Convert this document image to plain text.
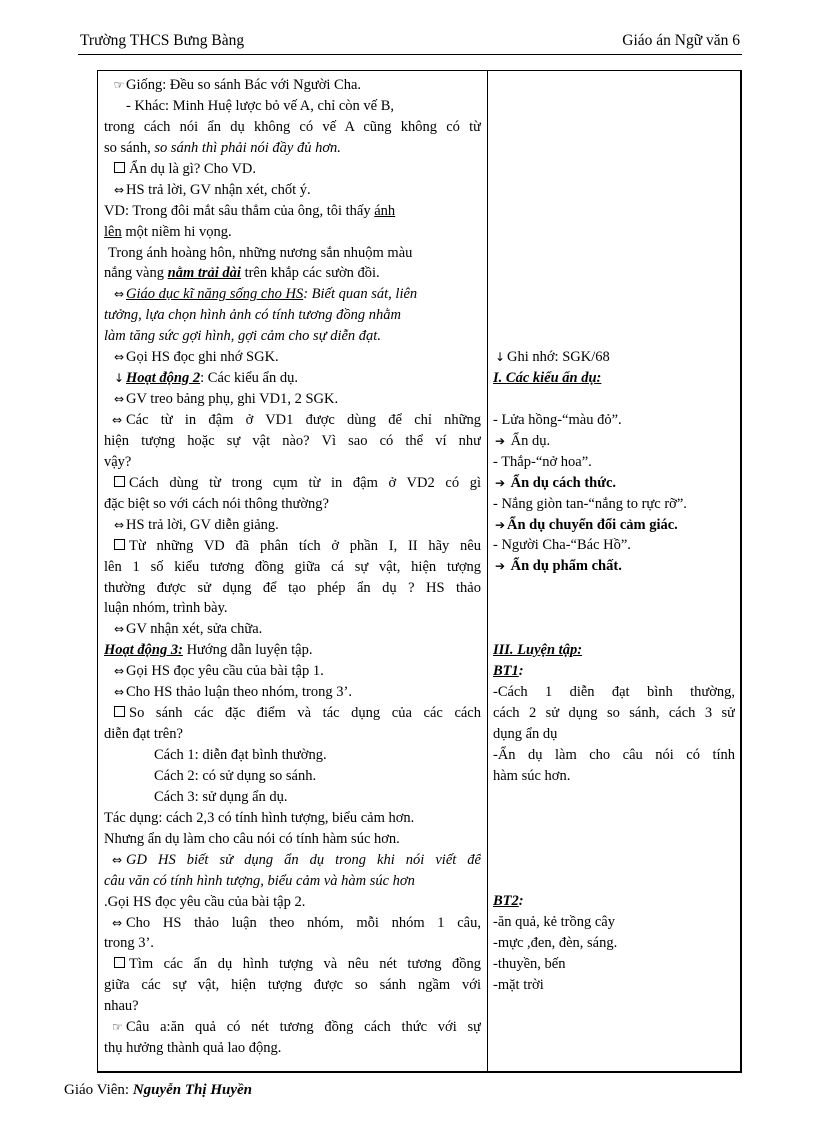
Trường THCS Bưng Bàng	Giáo án Ngữ văn 6
☞ Giống: Đều so sánh Bác với Người Cha.
- Khác: Minh Huệ lược bỏ vế A, chỉ còn vế B,
trong cách nói ẩn dụ không có vế A cũng không có từ
so sánh, so sánh thì phải nói đầy đủ hơn.
Ẩn dụ là gì? Cho VD.
⇔ HS trả lời, GV nhận xét, chốt ý.
VD: Trong đôi mắt sâu thẳm của ông, tôi thấy ánh
lên một niềm hi vọng.
Trong ánh hoàng hôn, những nương sắn nhuộm màu
nắng vàng nằm trải dài trên khắp các sườn đồi.
⇔ Giáo dục kĩ năng sống cho HS: Biết quan sát, liên
tưởng, lựa chọn hình ảnh có tính tương đồng nhằm
làm tăng sức gợi hình, gợi cảm cho sự diễn đạt.
⇔ Gọi HS đọc ghi nhớ SGK.
↓ Hoạt động 2: Các kiểu ẩn dụ.
⇔ GV treo bảng phụ, ghi VD1, 2 SGK.
⇔ Các từ in đậm ở VD1 được dùng để chỉ những
hiện tượng hoặc sự vật nào? Vì sao có thể ví như
vậy?
Cách dùng từ trong cụm từ in đậm ở VD2 có gì
đặc biệt so với cách nói thông thường?
⇔ HS trả lời, GV diễn giảng.
Từ những VD đã phân tích ở phần I, II hãy nêu
lên 1 số kiểu tương đồng giữa cá sự vật, hiện tượng
thường được sử dụng để tạo phép ẩn dụ ? HS thảo
luận nhóm, trình bày.
⇔ GV nhận xét, sửa chữa.
Hoạt động 3: Hướng dẫn luyện tập.
⇔ Gọi HS đọc yêu cầu của bài tập 1.
⇔ Cho HS thảo luận theo nhóm, trong 3’.
So sánh các đặc điểm và tác dụng của các cách
diễn đạt trên?
Cách 1: diễn đạt bình thường.
Cách 2: có sử dụng so sánh.
Cách 3: sử dụng ẩn dụ.
Tác dụng: cách 2,3 có tính hình tượng, biểu cảm hơn.
Nhưng ẩn dụ làm cho câu nói có tính hàm súc hơn.
⇔ GD HS biết sử dụng ẩn dụ trong khi nói viết để
câu văn có tính hình tượng, biểu cảm và hàm súc hơn
.Gọi HS đọc yêu cầu của bài tập 2.
⇔ Cho HS thảo luận theo nhóm, mỗi nhóm 1 câu,
trong 3’.
Tìm các ẩn dụ hình tượng và nêu nét tương đồng
giữa các sự vật, hiện tượng được so sánh ngầm với
nhau?
☞ Câu a:ăn quả có nét tương đồng cách thức với sự
thụ hưởng thành quả lao động.
↓ Ghi nhớ: SGK/68
I. Các kiểu ẩn dụ:
- Lửa hồng-“màu đỏ”.
➔ Ẩn dụ.
- Thắp-“nở hoa”.
➔ Ẩn dụ cách thức.
- Nắng giòn tan-“nắng to rực rỡ”.
➔ Ẩn dụ chuyển đổi cảm giác.
- Người Cha-“Bác Hồ”.
➔ Ẩn dụ phẩm chất.
III. Luyện tập:
BT1:
-Cách 1 diễn đạt bình thường,
cách 2 sử dụng so sánh, cách 3 sử
dụng ẩn dụ
-Ẩn dụ làm cho câu nói có tính
hàm súc hơn.
BT2:
-ăn quả, kẻ trồng cây
-mực ,đen, đèn, sáng.
-thuyền, bến
-mặt trời
Giáo Viên: Nguyễn Thị Huyền
